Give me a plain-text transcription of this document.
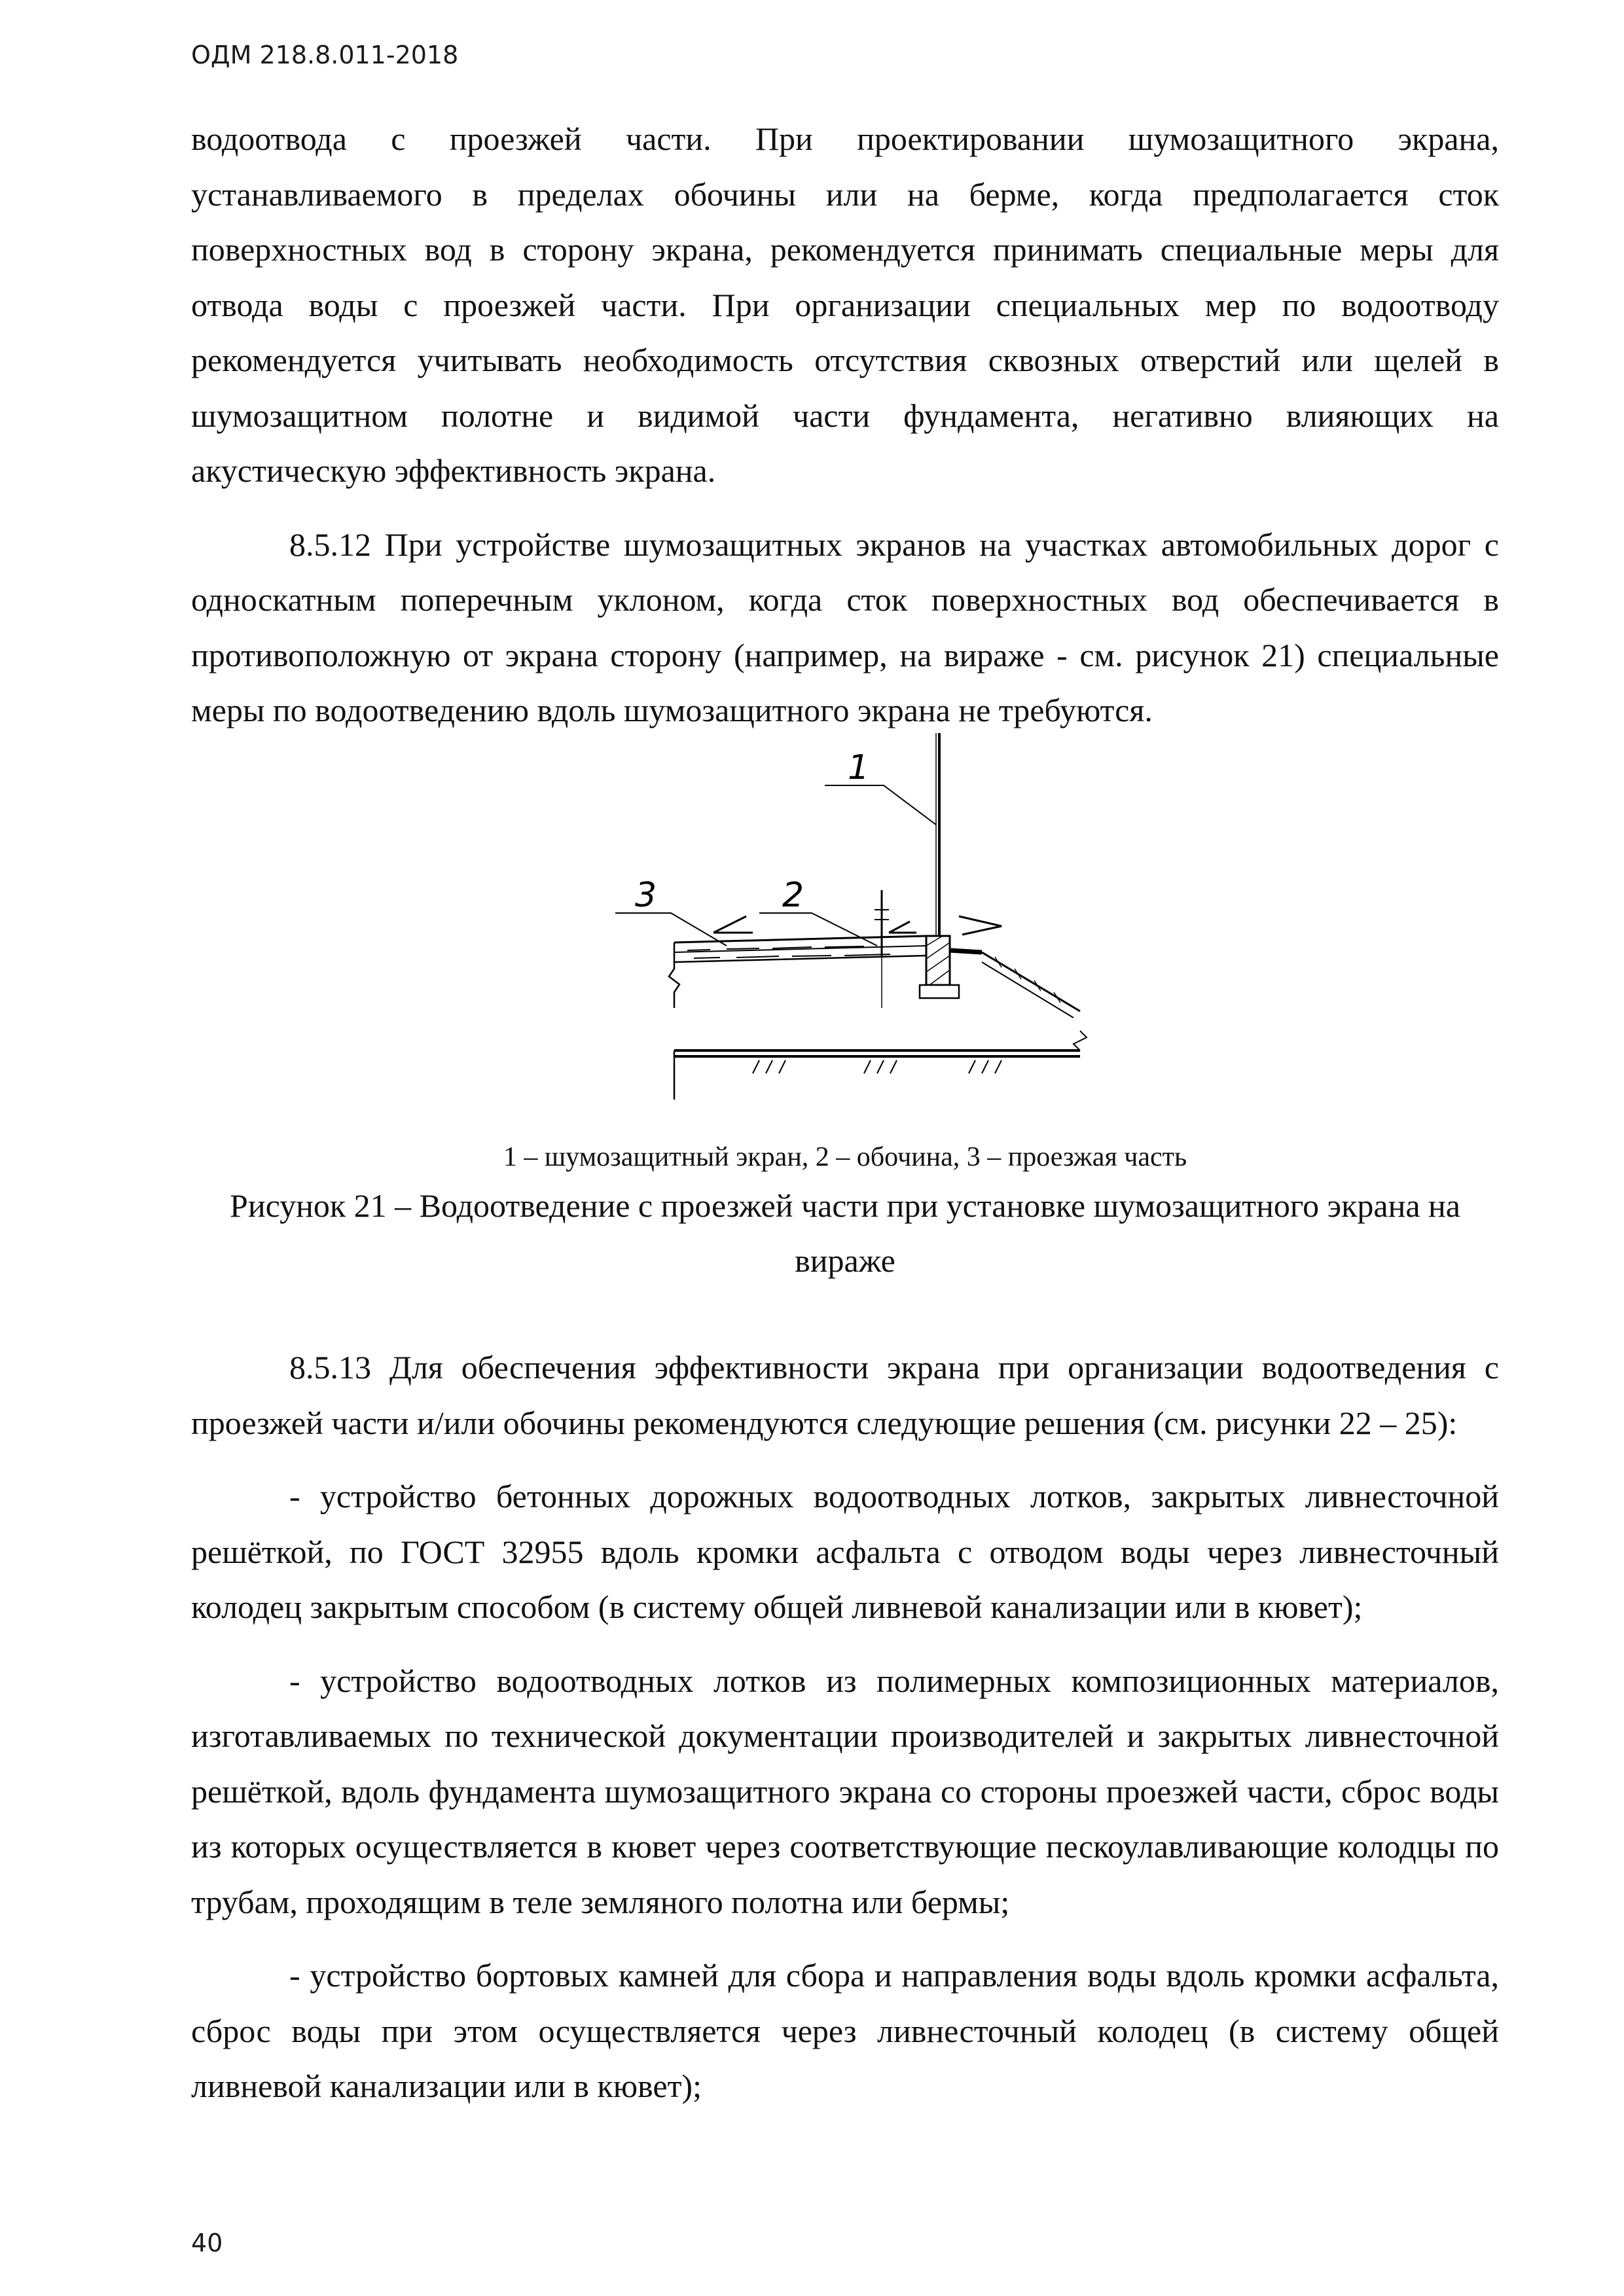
ОДМ 218.8.011-2018

водоотвода с проезжей части. При проектировании шумозащитного экрана, устанавливаемого в пределах обочины или на берме, когда предполагается сток поверхностных вод в сторону экрана, рекомендуется принимать специальные меры для отвода воды с проезжей части. При организации специальных мер по водоотводу рекомендуется учитывать необходимость отсутствия сквозных отверстий или щелей в шумозащитном полотне и видимой части фундамента, негативно влияющих на акустическую эффективность экрана.

8.5.12 При устройстве шумозащитных экранов на участках автомобильных дорог с односкатным поперечным уклоном, когда сток поверхностных вод обеспечивается в противоположную от экрана сторону (например, на вираже - см. рисунок 21) специальные меры по водоотведению вдоль шумозащитного экрана не требуются.

1
3	2
1 – шумозащитный экран, 2 – обочина, 3 – проезжая часть
Рисунок 21 – Водоотведение с проезжей части при установке шумозащитного экрана на вираже

8.5.13 Для обеспечения эффективности экрана при организации водоотведения с проезжей части и/или обочины рекомендуются следующие решения (см. рисунки 22 – 25):

- устройство бетонных дорожных водоотводных лотков, закрытых ливнесточной решёткой, по ГОСТ 32955 вдоль кромки асфальта с отводом воды через ливнесточный колодец закрытым способом (в систему общей ливневой канализации или в кювет);

- устройство водоотводных лотков из полимерных композиционных материалов, изготавливаемых по технической документации производителей и закрытых ливнесточной решёткой, вдоль фундамента шумозащитного экрана со стороны проезжей части, сброс воды из которых осуществляется в кювет через соответствующие пескоулавливающие колодцы по трубам, проходящим в теле земляного полотна или бермы;

- устройство бортовых камней для сбора и направления воды вдоль кромки асфальта, сброс воды при этом осуществляется через ливнесточный колодец (в систему общей ливневой канализации или в кювет);

40
